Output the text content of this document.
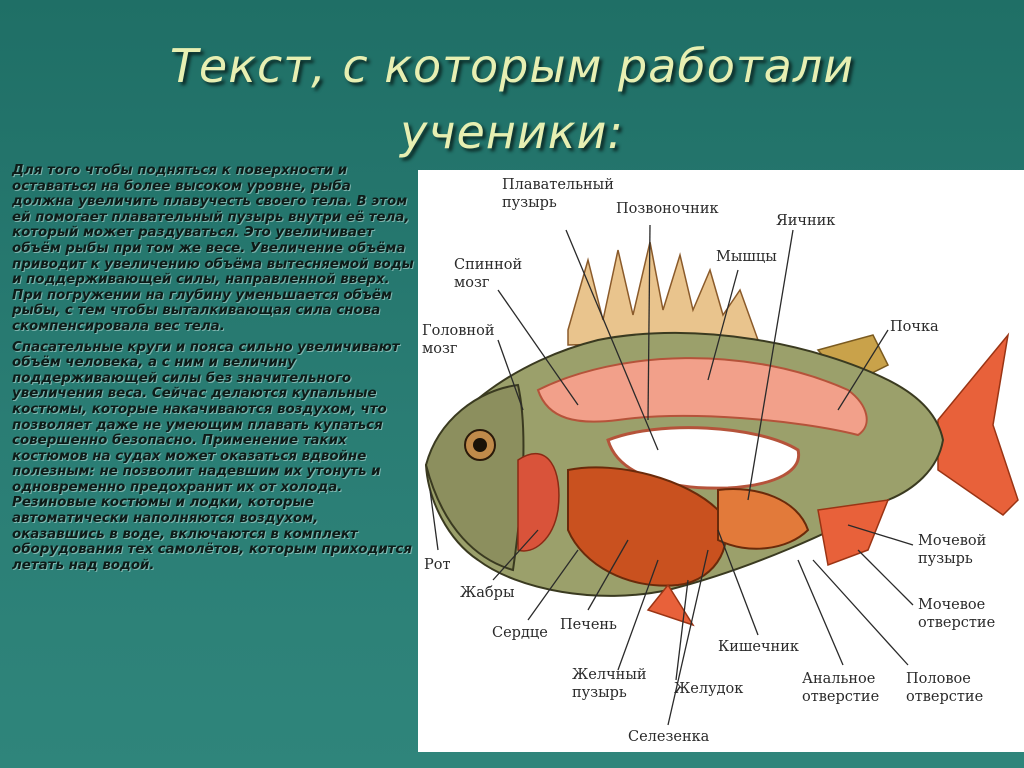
Текст, с которым работали
ученики:

Для того чтобы подняться к поверхности и оставаться на более высоком уровне, рыба должна увеличить плавучесть своего тела. В этом ей помогает плавательный пузырь внутри её тела, который может раздуваться. Это увеличивает объём рыбы при том же весе. Увеличение объёма приводит к увеличению объёма вытесняемой воды и поддерживающей силы, направленной вверх. При погружении на глубину уменьшается объём рыбы, с тем чтобы выталкивающая сила снова скомпенсировала вес тела.

Спасательные круги и пояса сильно увеличивают объём человека, а с ним и величину поддерживающей силы без значительного увеличения веса. Сейчас делаются купальные костюмы, которые накачиваются воздухом, что позволяет даже не умеющим плавать купаться совершенно безопасно. Применение таких костюмов на судах может оказаться вдвойне полезным: не позволит надевшим их утонуть и одновременно предохранит их от холода. Резиновые костюмы и лодки, которые автоматически наполняются воздухом, оказавшись в воде, включаются в комплект оборудования тех самолётов, которым приходится летать над водой.

Плавательный
пузырь	Позвоночник
Яичник
Спинной
мозг
Мышцы
Почка
Головной
мозг
Рот
Жабры
Сердце Печень
Кишечник
Желчный
пузырь	Желудок
Селезенка
Мочевой
пузырь
Мочевое
отверстие
Анальное
отверстие
Половое
отверстие
